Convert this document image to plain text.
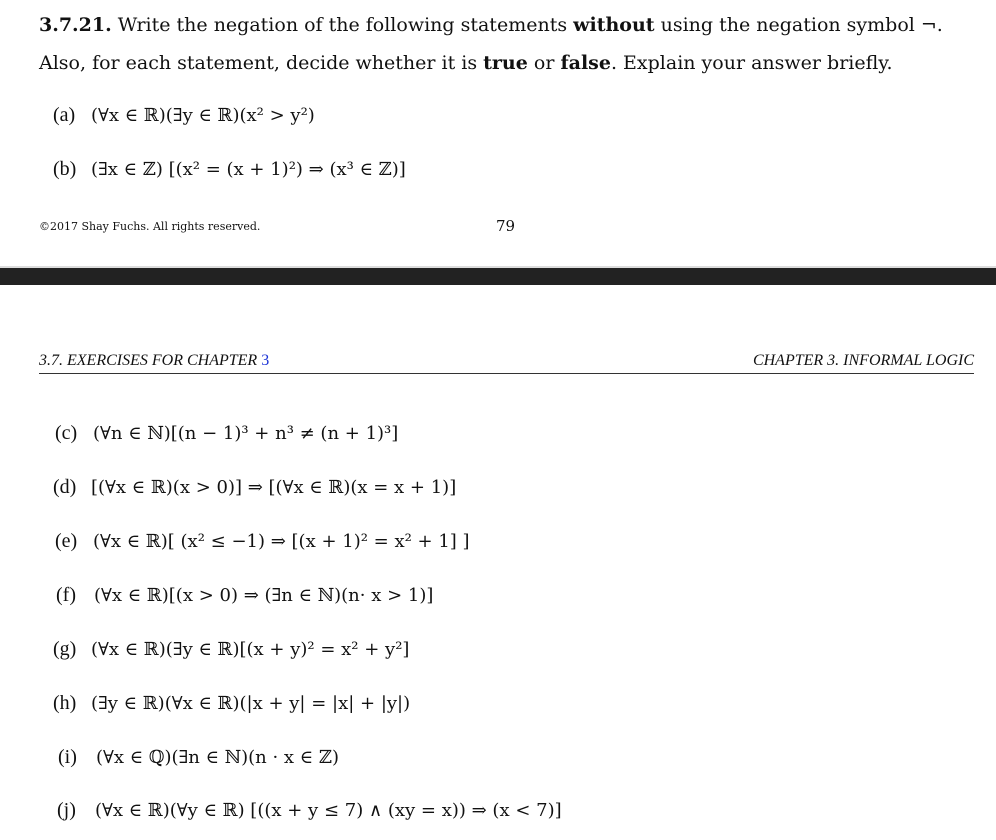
3.7.21. Write the negation of the following statements without using the negation symbol ¬.
Also, for each statement, decide whether it is true or false. Explain your answer briefly.
(a) (∀x ∈ ℝ)(∃y ∈ ℝ)(x² > y²)
(b) (∃x ∈ ℤ) [(x² = (x + 1)²) ⇒ (x³ ∈ ℤ)]
©2017 Shay Fuchs. All rights reserved.	79
3.7. EXERCISES FOR CHAPTER 3	CHAPTER 3. INFORMAL LOGIC
(c) (∀n ∈ ℕ)[(n − 1)³ + n³ ≠ (n + 1)³]
(d) [(∀x ∈ ℝ)(x > 0)] ⇒ [(∀x ∈ ℝ)(x = x + 1)]
(e) (∀x ∈ ℝ)[ (x² ≤ −1) ⇒ [(x + 1)² = x² + 1] ]
(f) (∀x ∈ ℝ)[(x > 0) ⇒ (∃n ∈ ℕ)(n· x > 1)]
(g) (∀x ∈ ℝ)(∃y ∈ ℝ)[(x + y)² = x² + y²]
(h) (∃y ∈ ℝ)(∀x ∈ ℝ)(|x + y| = |x| + |y|)
(i) (∀x ∈ ℚ)(∃n ∈ ℕ)(n · x ∈ ℤ)
(j) (∀x ∈ ℝ)(∀y ∈ ℝ) [((x + y ≤ 7) ∧ (xy = x)) ⇒ (x < 7)]
